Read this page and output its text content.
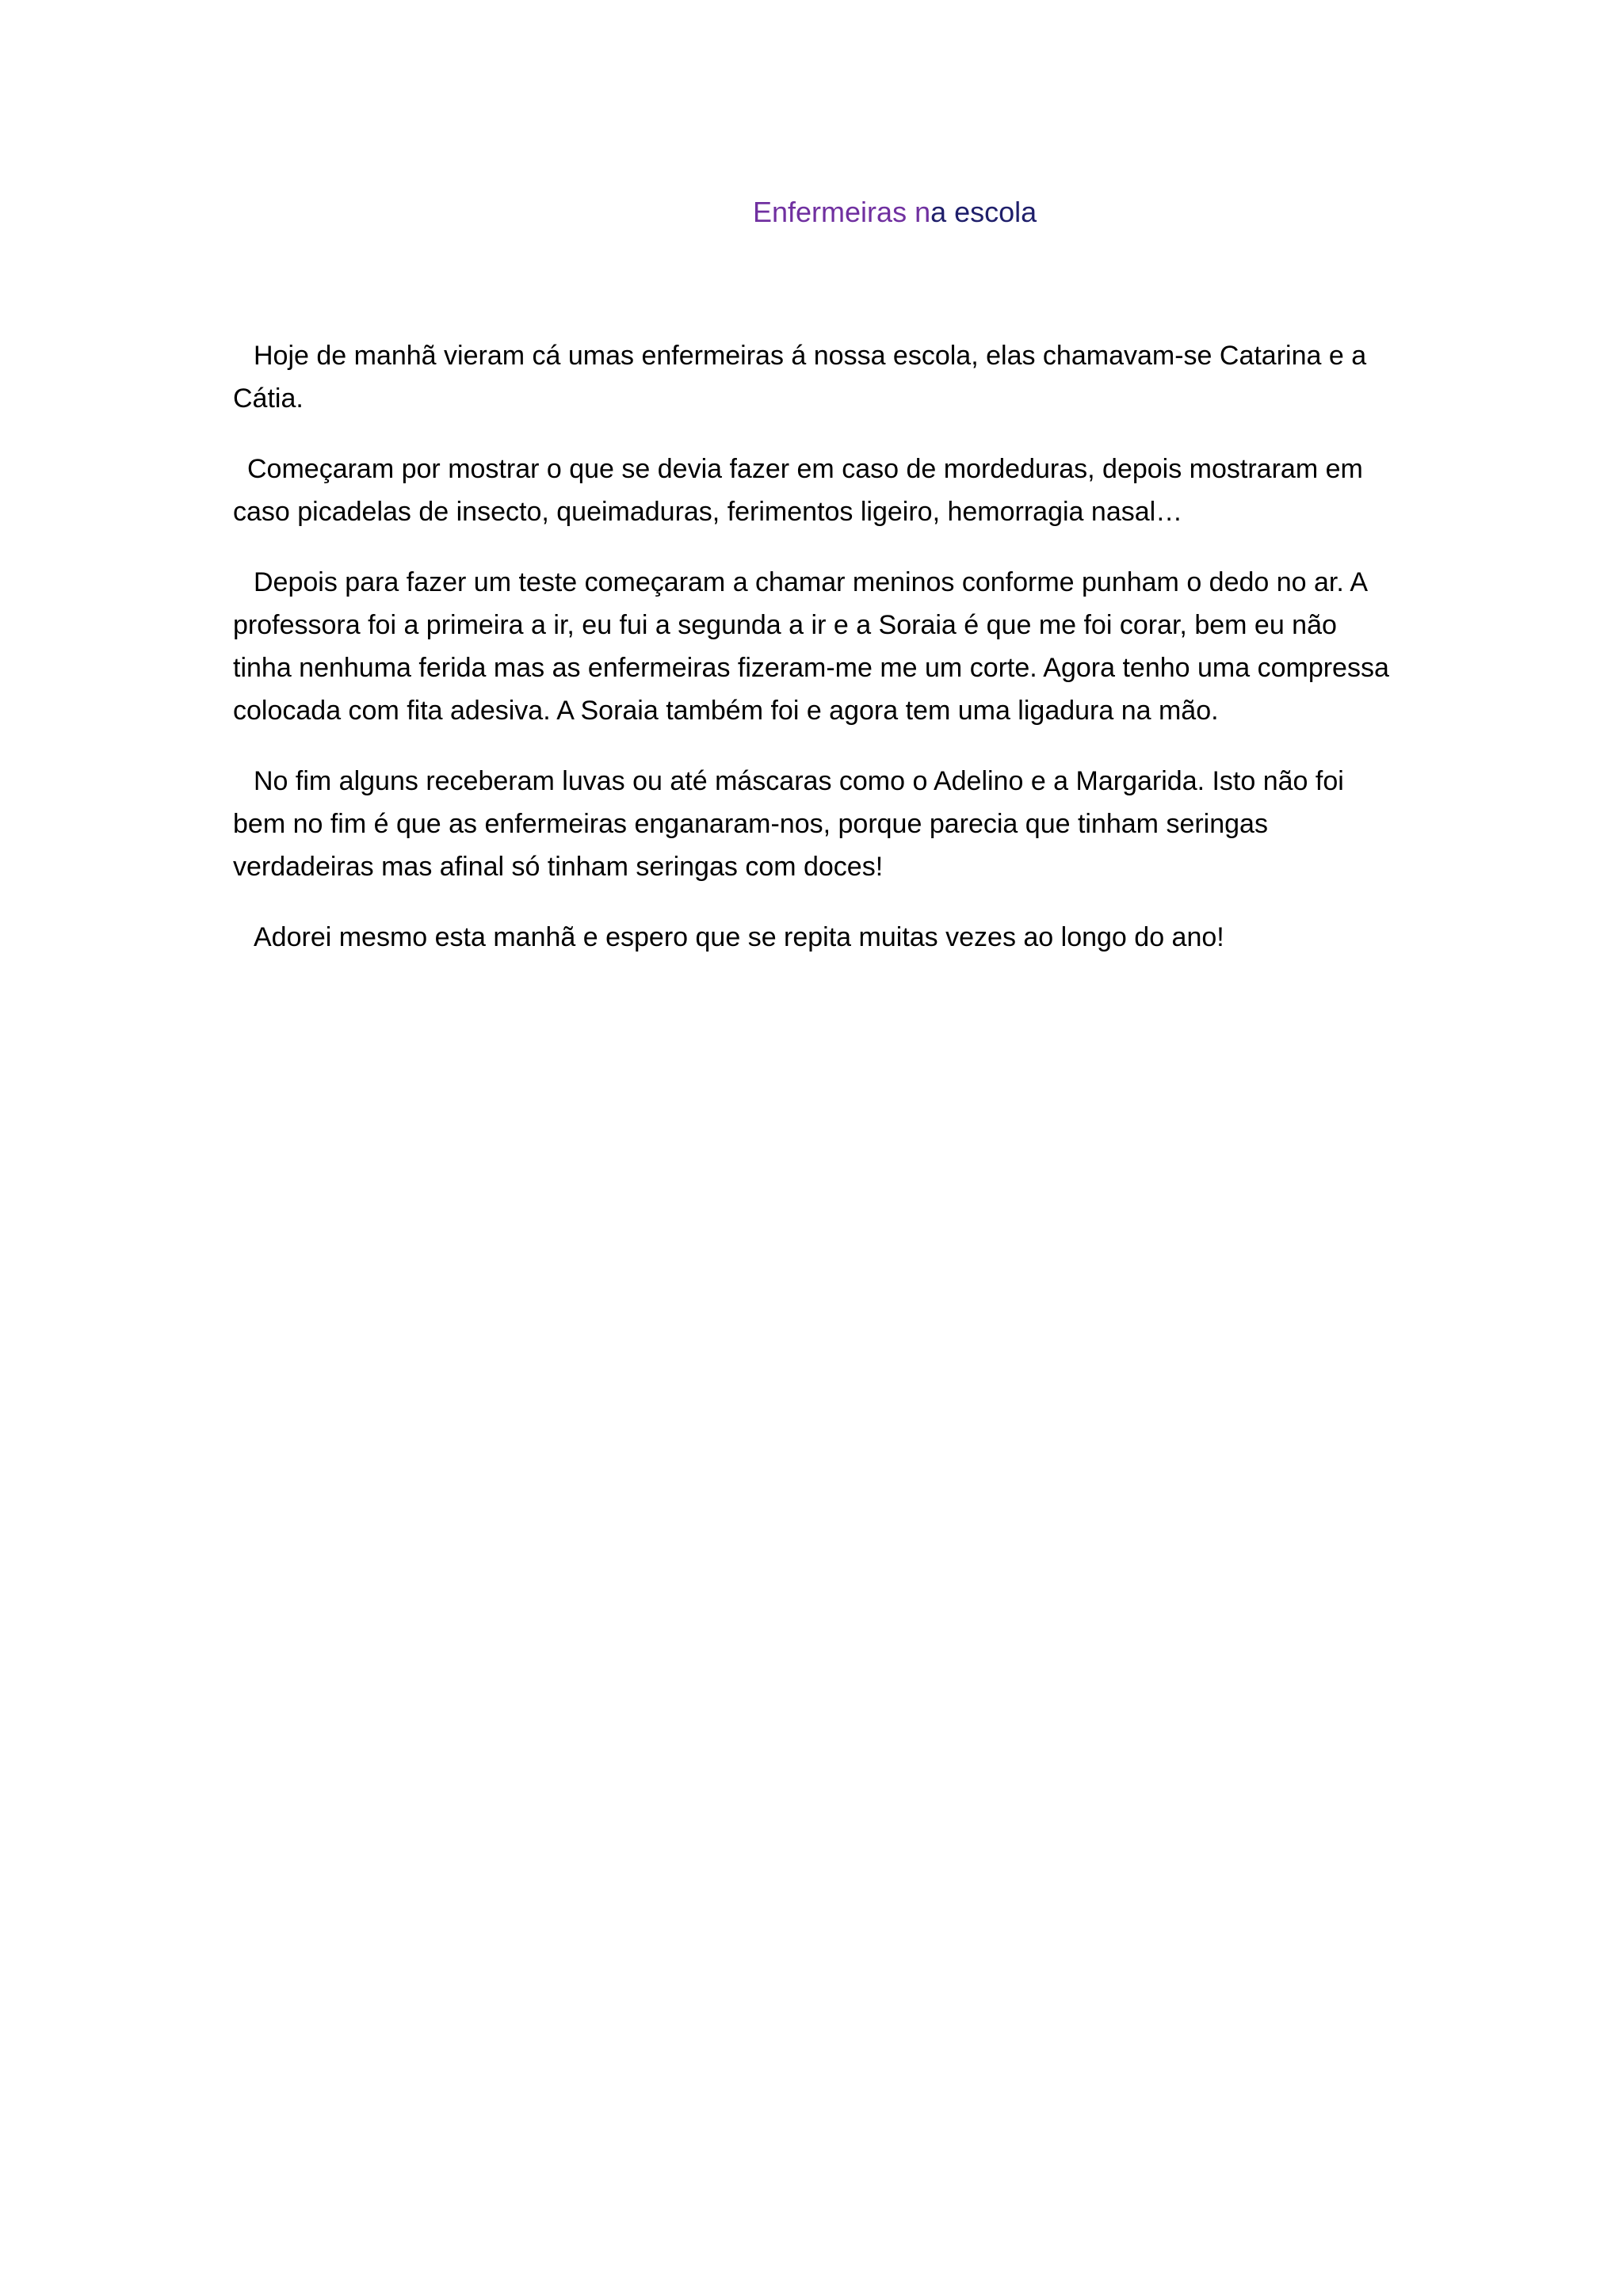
Enfermeiras na escola

Hoje de manhã vieram cá umas enfermeiras á nossa escola, elas chamavam-se Catarina e a Cátia.

Começaram por mostrar o que se devia fazer em caso de mordeduras, depois mostraram em caso picadelas de insecto, queimaduras, ferimentos ligeiro, hemorragia nasal…

Depois para fazer um teste começaram a chamar meninos conforme punham o dedo no ar. A professora foi a primeira a ir, eu fui a segunda a ir e a Soraia é que me foi corar, bem eu não tinha nenhuma ferida mas as enfermeiras fizeram-me me um corte. Agora tenho uma compressa colocada com fita adesiva. A Soraia também foi e agora tem uma ligadura na mão.

No fim alguns receberam luvas ou até máscaras como o Adelino e a Margarida. Isto não foi bem no fim é que as enfermeiras enganaram-nos, porque parecia que tinham seringas verdadeiras mas afinal só tinham seringas com doces!

Adorei mesmo esta manhã e espero que se repita muitas vezes ao longo do ano!
